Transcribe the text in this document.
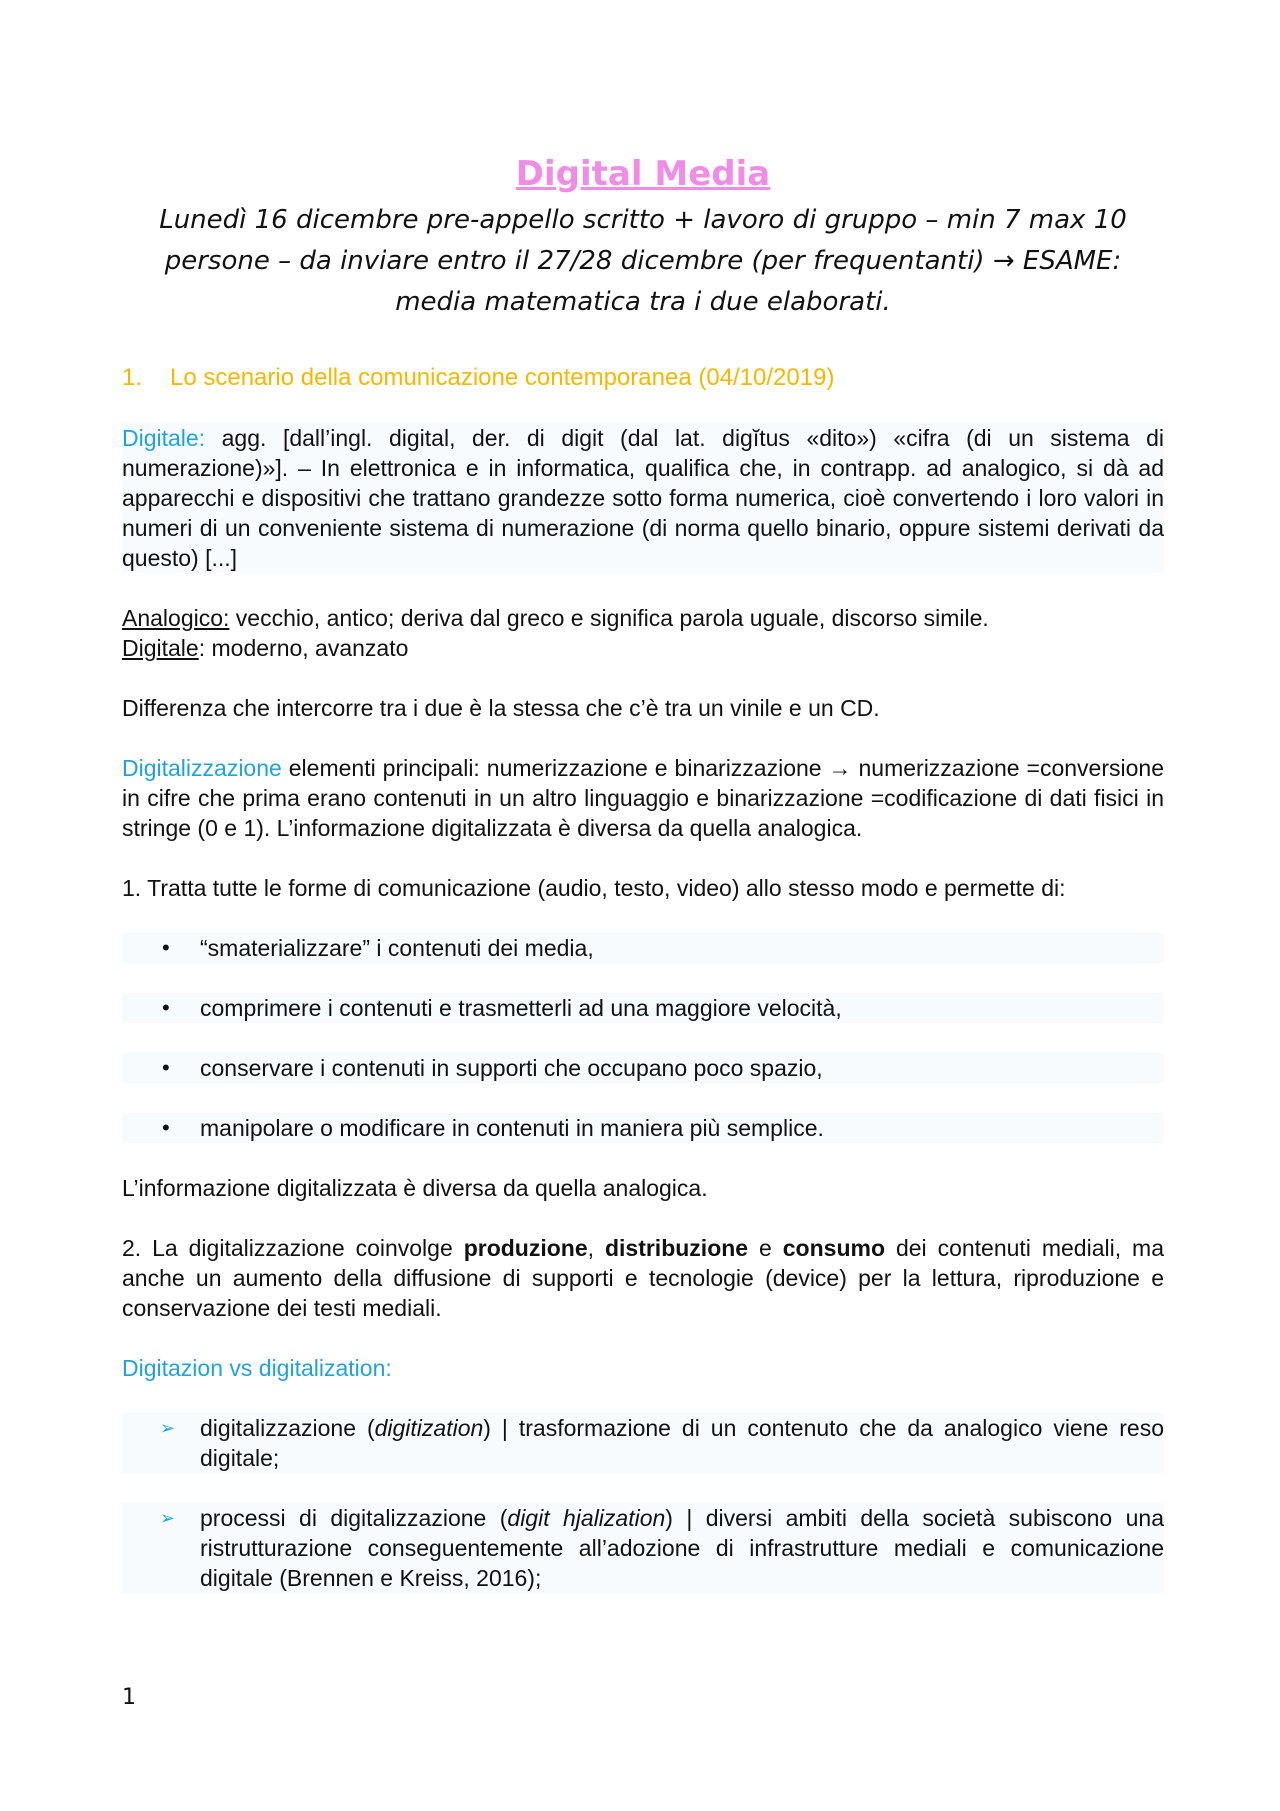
Digital Media
Lunedì 16 dicembre pre-appello scritto + lavoro di gruppo – min 7 max 10
persone – da inviare entro il 27/28 dicembre (per frequentanti) → ESAME:
media matematica tra i due elaborati.
1. Lo scenario della comunicazione contemporanea (04/10/2019)

Digitale: agg. [dall’ingl. digital, der. di digit (dal lat. digĭtus «dito») «cifra (di un sistema di numerazione)»]. – In elettronica e in informatica, qualifica che, in contrapp. ad analogico, si dà ad apparecchi e dispositivi che trattano grandezze sotto forma numerica, cioè convertendo i loro valori in numeri di un conveniente sistema di numerazione (di norma quello binario, oppure sistemi derivati da questo) [...]

Analogico: vecchio, antico; deriva dal greco e significa parola uguale, discorso simile.

Digitale: moderno, avanzato

Differenza che intercorre tra i due è la stessa che c’è tra un vinile e un CD.

Digitalizzazione elementi principali: numerizzazione e binarizzazione → numerizzazione =conversione in cifre che prima erano contenuti in un altro linguaggio e binarizzazione =codificazione di dati fisici in stringe (0 e 1). L’informazione digitalizzata è diversa da quella analogica.

1. Tratta tutte le forme di comunicazione (audio, testo, video) allo stesso modo e permette di:

• “smaterializzare” i contenuti dei media,
• comprimere i contenuti e trasmetterli ad una maggiore velocità,
• conservare i contenuti in supporti che occupano poco spazio,
• manipolare o modificare in contenuti in maniera più semplice.

L’informazione digitalizzata è diversa da quella analogica.

2. La digitalizzazione coinvolge produzione, distribuzione e consumo dei contenuti mediali, ma anche un aumento della diffusione di supporti e tecnologie (device) per la lettura, riproduzione e conservazione dei testi mediali.

Digitazion vs digitalization:

➢ digitalizzazione (digitization) | trasformazione di un contenuto che da analogico viene reso digitale;
➢ processi di digitalizzazione (digit hjalization) | diversi ambiti della società subiscono una ristrutturazione conseguentemente all’adozione di infrastrutture mediali e comunicazione digitale (Brennen e Kreiss, 2016);
1
